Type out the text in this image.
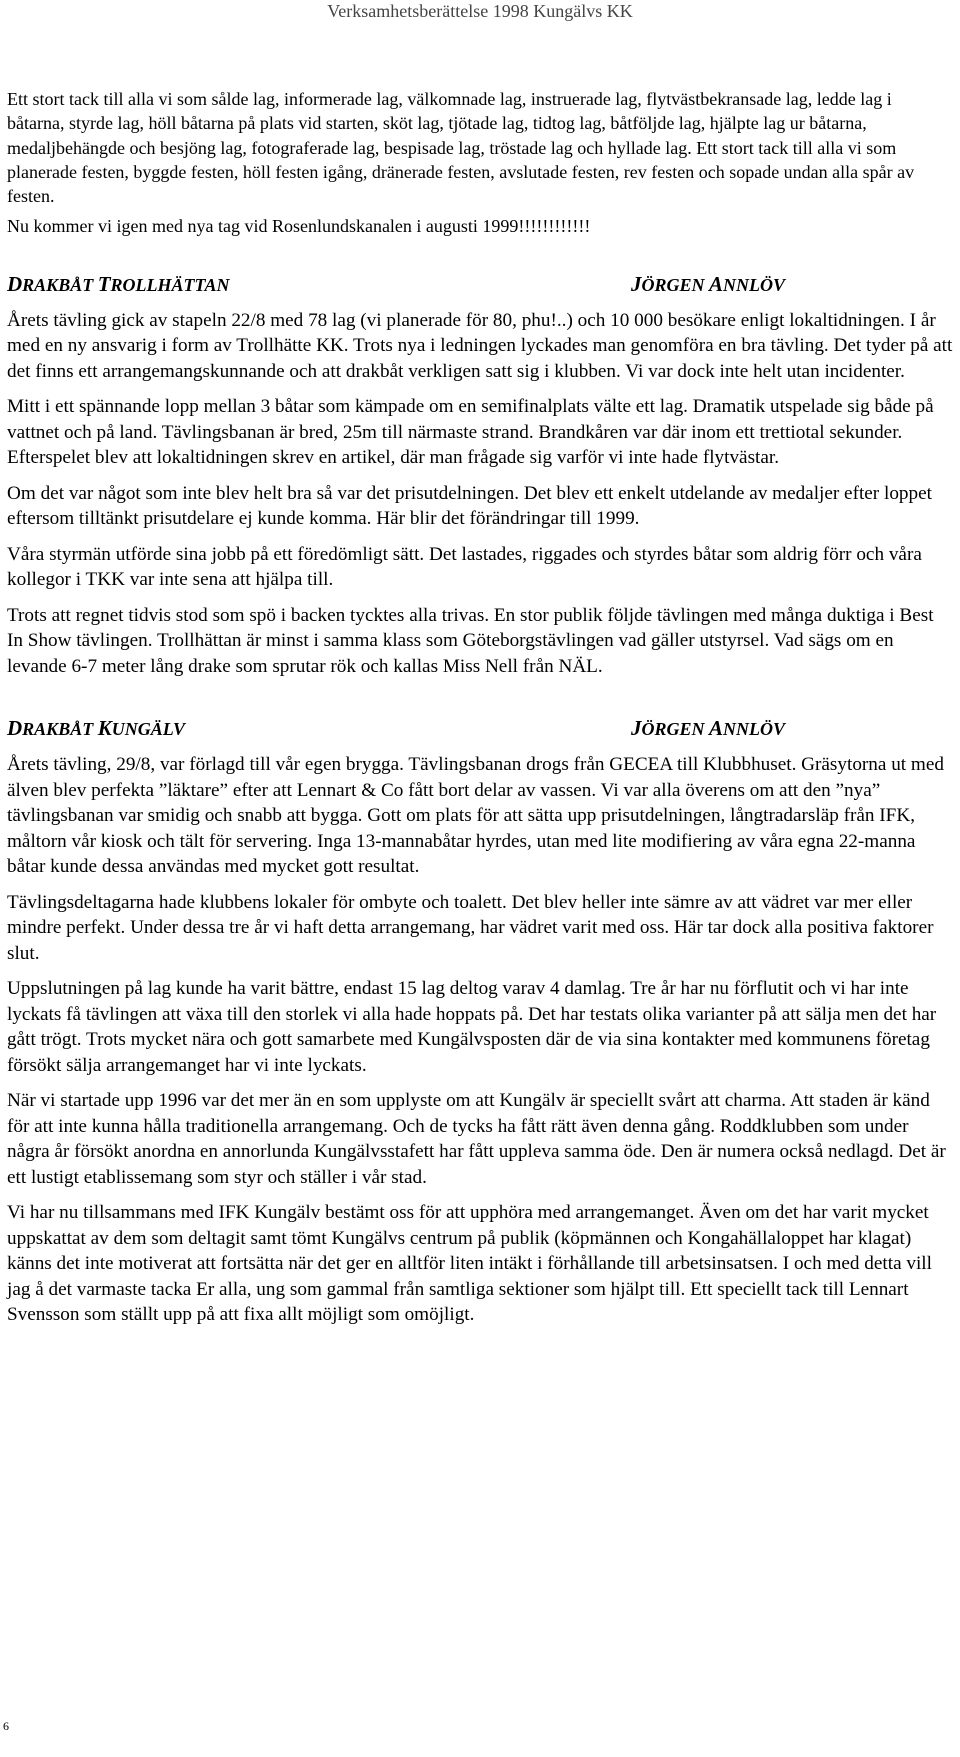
Verksamhetsberättelse 1998 Kungälvs KK

Ett stort tack till alla vi som sålde lag, informerade lag, välkomnade lag, instruerade lag, flytvästbekransade lag, ledde lag i båtarna, styrde lag, höll båtarna på plats vid starten, sköt lag, tjötade lag, tidtog lag, båtföljde lag, hjälpte lag ur båtarna, medaljbehängde och besjöng lag, fotograferade lag, bespisade lag, tröstade lag och hyllade lag. Ett stort tack till alla vi som planerade festen, byggde festen, höll festen igång, dränerade festen, avslutade festen, rev festen och sopade undan alla spår av festen.

Nu kommer vi igen med nya tag vid Rosenlundskanalen i augusti 1999!!!!!!!!!!!!

DRAKBÅT TROLLHÄTTAN	JÖRGEN ANNLÖV

Årets tävling gick av stapeln 22/8 med 78 lag (vi planerade för 80, phu!..) och 10 000 besökare enligt lokaltidningen. I år med en ny ansvarig i form av Trollhätte KK. Trots nya i ledningen lyckades man genomföra en bra tävling. Det tyder på att det finns ett arrangemangskunnande och att drakbåt verkligen satt sig i klubben. Vi var dock inte helt utan incidenter.

Mitt i ett spännande lopp mellan 3 båtar som kämpade om en semifinalplats välte ett lag. Dramatik utspelade sig både på vattnet och på land. Tävlingsbanan är bred, 25m till närmaste strand. Brandkåren var där inom ett trettiotal sekunder. Efterspelet blev att lokaltidningen skrev en artikel, där man frågade sig varför vi inte hade flytvästar.

Om det var något som inte blev helt bra så var det prisutdelningen. Det blev ett enkelt utdelande av medaljer efter loppet eftersom tilltänkt prisutdelare ej kunde komma. Här blir det förändringar till 1999.

Våra styrmän utförde sina jobb på ett föredömligt sätt. Det lastades, riggades och styrdes båtar som aldrig förr och våra kollegor i TKK var inte sena att hjälpa till.

Trots att regnet tidvis stod som spö i backen tycktes alla trivas. En stor publik följde tävlingen med många duktiga i Best In Show tävlingen. Trollhättan är minst i samma klass som Göteborgstävlingen vad gäller utstyrsel. Vad sägs om en levande 6-7 meter lång drake som sprutar rök och kallas Miss Nell från NÄL.

DRAKBÅT KUNGÄLV	JÖRGEN ANNLÖV

Årets tävling, 29/8, var förlagd till vår egen brygga. Tävlingsbanan drogs från GECEA till Klubbhuset. Gräsytorna ut med älven blev perfekta ”läktare” efter att Lennart & Co fått bort delar av vassen. Vi var alla överens om att den ”nya” tävlingsbanan var smidig och snabb att bygga. Gott om plats för att sätta upp prisutdelningen, långtradarsläp från IFK, måltorn vår kiosk och tält för servering. Inga 13-mannabåtar hyrdes, utan med lite modifiering av våra egna 22-manna båtar kunde dessa användas med mycket gott resultat.

Tävlingsdeltagarna hade klubbens lokaler för ombyte och toalett. Det blev heller inte sämre av att vädret var mer eller mindre perfekt. Under dessa tre år vi haft detta arrangemang, har vädret varit med oss. Här tar dock alla positiva faktorer slut.

Uppslutningen på lag kunde ha varit bättre, endast 15 lag deltog varav 4 damlag. Tre år har nu förflutit och vi har inte lyckats få tävlingen att växa till den storlek vi alla hade hoppats på. Det har testats olika varianter på att sälja men det har gått trögt. Trots mycket nära och gott samarbete med Kungälvsposten där de via sina kontakter med kommunens företag försökt sälja arrangemanget har vi inte lyckats.

När vi startade upp 1996 var det mer än en som upplyste om att Kungälv är speciellt svårt att charma. Att staden är känd för att inte kunna hålla traditionella arrangemang. Och de tycks ha fått rätt även denna gång. Roddklubben som under några år försökt anordna en annorlunda Kungälvsstafett har fått uppleva samma öde. Den är numera också nedlagd. Det är ett lustigt etablissemang som styr och ställer i vår stad.

Vi har nu tillsammans med IFK Kungälv bestämt oss för att upphöra med arrangemanget. Även om det har varit mycket uppskattat av dem som deltagit samt tömt Kungälvs centrum på publik (köpmännen och Kongahällaloppet har klagat) känns det inte motiverat att fortsätta när det ger en alltför liten intäkt i förhållande till arbetsinsatsen. I och med detta vill jag å det varmaste tacka Er alla, ung som gammal från samtliga sektioner som hjälpt till. Ett speciellt tack till Lennart Svensson som ställt upp på att fixa allt möjligt som omöjligt.

6
